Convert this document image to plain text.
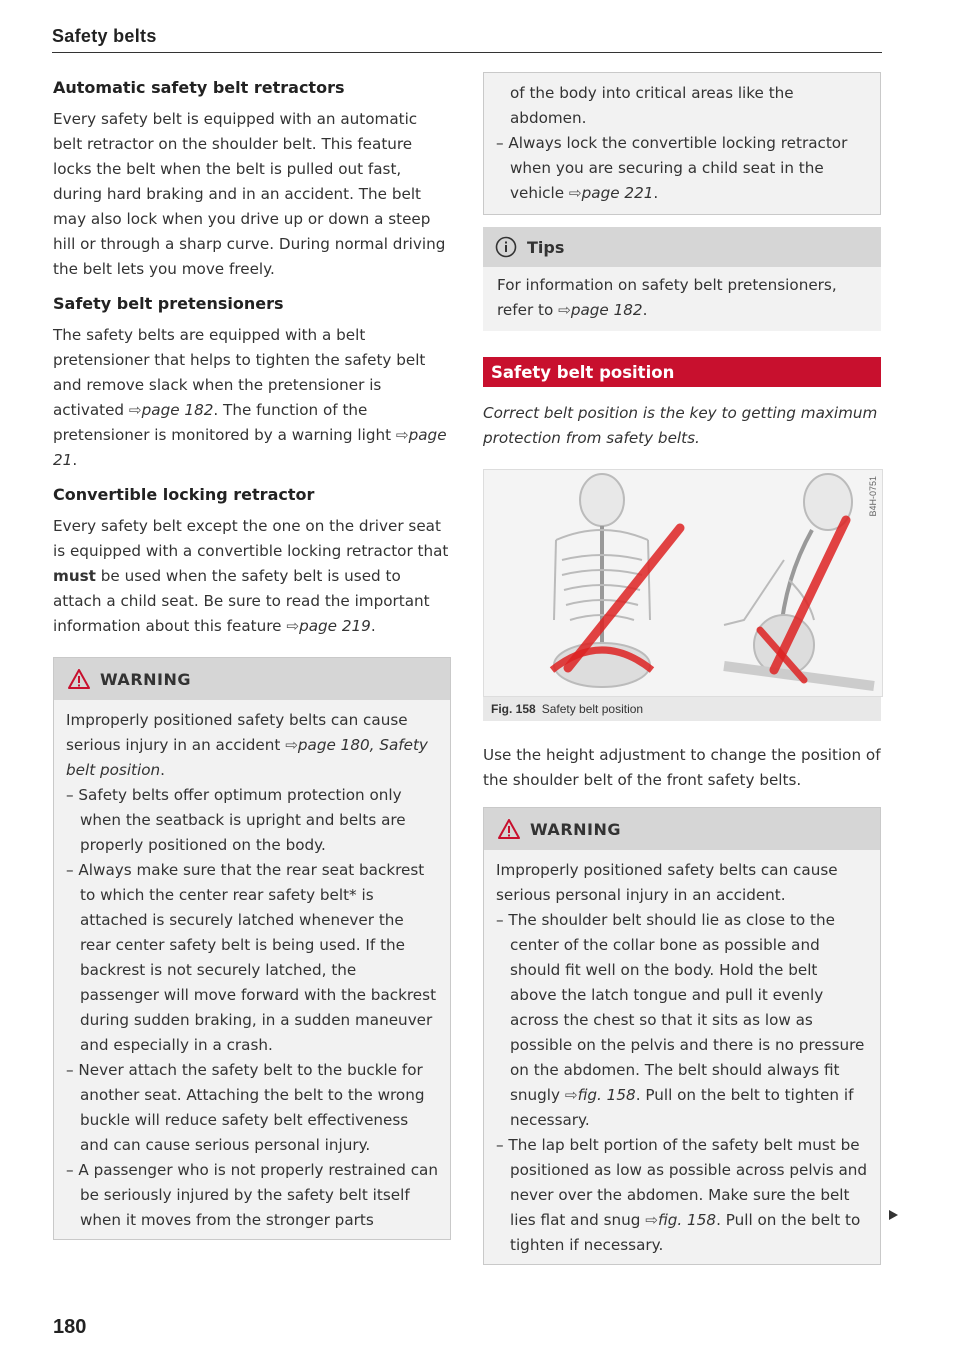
Safety belts
Automatic safety belt retractors

Every safety belt is equipped with an automatic belt retractor on the shoulder belt. This feature locks the belt when the belt is pulled out fast, during hard braking and in an accident. The belt may also lock when you drive up or down a steep hill or through a sharp curve. During normal driving the belt lets you move freely.

Safety belt pretensioners

The safety belts are equipped with a belt pretensioner that helps to tighten the safety belt and remove slack when the pretensioner is activated ⇨page 182. The function of the pretensioner is monitored by a warning light ⇨page 21.

Convertible locking retractor

Every safety belt except the one on the driver seat is equipped with a convertible locking retractor that must be used when the safety belt is used to attach a child seat. Be sure to read the important information about this feature ⇨page 219.

WARNING

Improperly positioned safety belts can cause serious injury in an accident ⇨page 180, Safety belt position.

– Safety belts offer optimum protection only when the seatback is upright and belts are properly positioned on the body.
– Always make sure that the rear seat backrest to which the center rear safety belt* is attached is securely latched whenever the rear center safety belt is being used. If the backrest is not securely latched, the passenger will move forward with the backrest during sudden braking, in a sudden maneuver and especially in a crash.
– Never attach the safety belt to the buckle for another seat. Attaching the belt to the wrong buckle will reduce safety belt effectiveness and can cause serious personal injury.
– A passenger who is not properly restrained can be seriously injured by the safety belt itself when it moves from the stronger parts

of the body into critical areas like the abdomen.

– Always lock the convertible locking retractor when you are securing a child seat in the vehicle ⇨page 221.
Tips

For information on safety belt pretensioners, refer to ⇨page 182.

Safety belt position

Correct belt position is the key to getting maximum protection from safety belts.

B4H-0751
Fig. 158 Safety belt position

Use the height adjustment to change the position of the shoulder belt of the front safety belts.

WARNING

Improperly positioned safety belts can cause serious personal injury in an accident.

– The shoulder belt should lie as close to the center of the collar bone as possible and should fit well on the body. Hold the belt above the latch tongue and pull it evenly across the chest so that it sits as low as possible on the pelvis and there is no pressure on the abdomen. The belt should always fit snugly ⇨fig. 158. Pull on the belt to tighten if necessary.
– The lap belt portion of the safety belt must be positioned as low as possible across pelvis and never over the abdomen. Make sure the belt lies flat and snug ⇨fig. 158. Pull on the belt to tighten if necessary.
180
